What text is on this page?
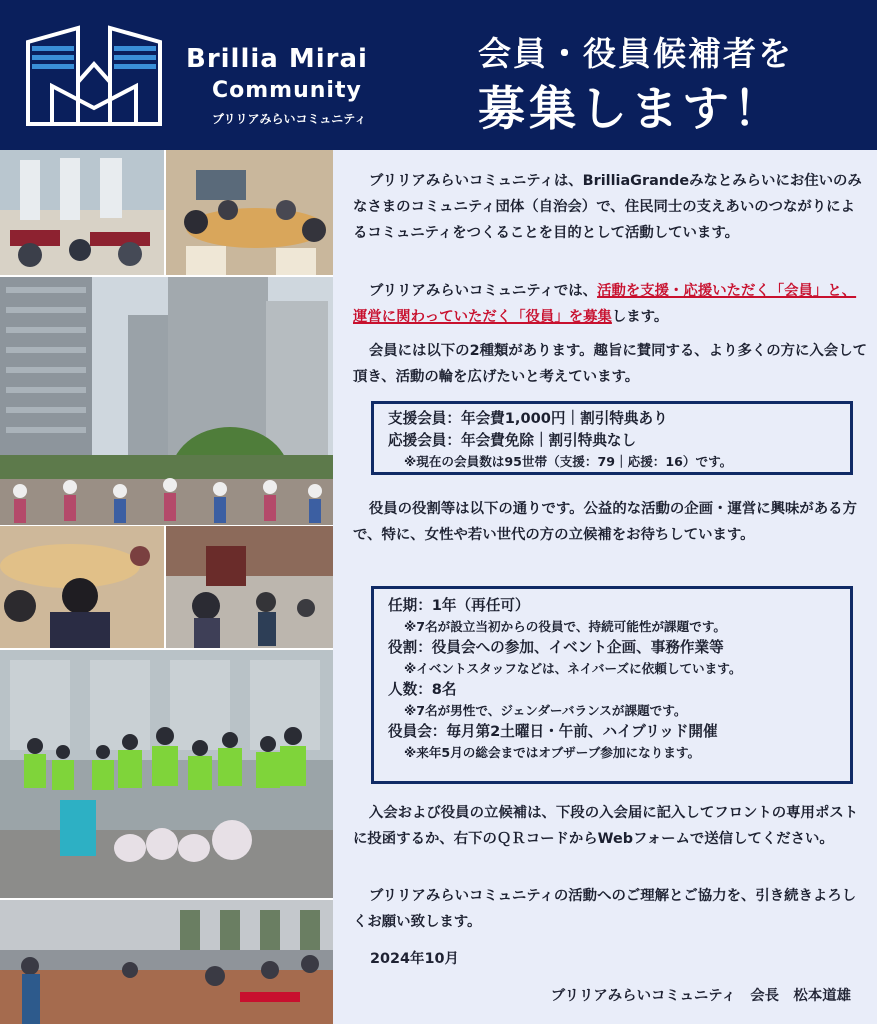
Brillia Mirai
Community
ブリリアみらいコミュニティ
会員・役員候補者を
募集します！
ブリリアみらいコミュニティは、BrilliaGrandeみなとみらいにお住いのみなさまのコミュニティ団体（自治会）で、住民同士の支えあいのつながりによるコミュニティをつくることを目的として活動しています。
ブリリアみらいコミュニティでは、活動を支援・応援いただく「会員」と、運営に関わっていただく「役員」を募集します。
会員には以下の2種類があります。趣旨に賛同する、より多くの方に入会して頂き、活動の輪を広げたいと考えています。
支援会員：年会費1,000円｜割引特典あり
応援会員：年会費免除｜割引特典なし
※現在の会員数は95世帯（支援：79｜応援：16）です。
役員の役割等は以下の通りです。公益的な活動の企画・運営に興味がある方で、特に、女性や若い世代の方の立候補をお待ちしています。
任期：1年（再任可）
※7名が設立当初からの役員で、持続可能性が課題です。
役割：役員会への参加、イベント企画、事務作業等
※イベントスタッフなどは、ネイバーズに依頼しています。
人数：8名
※7名が男性で、ジェンダーバランスが課題です。
役員会：毎月第2土曜日・午前、ハイブリッド開催
※来年5月の総会まではオブザーブ参加になります。
入会および役員の立候補は、下段の入会届に記入してフロントの専用ポストに投函するか、右下のＱＲコードからWebフォームで送信してください。
ブリリアみらいコミュニティの活動へのご理解とご協力を、引き続きよろしくお願い致します。
2024年10月
ブリリアみらいコミュニティ　会長　松本道雄
